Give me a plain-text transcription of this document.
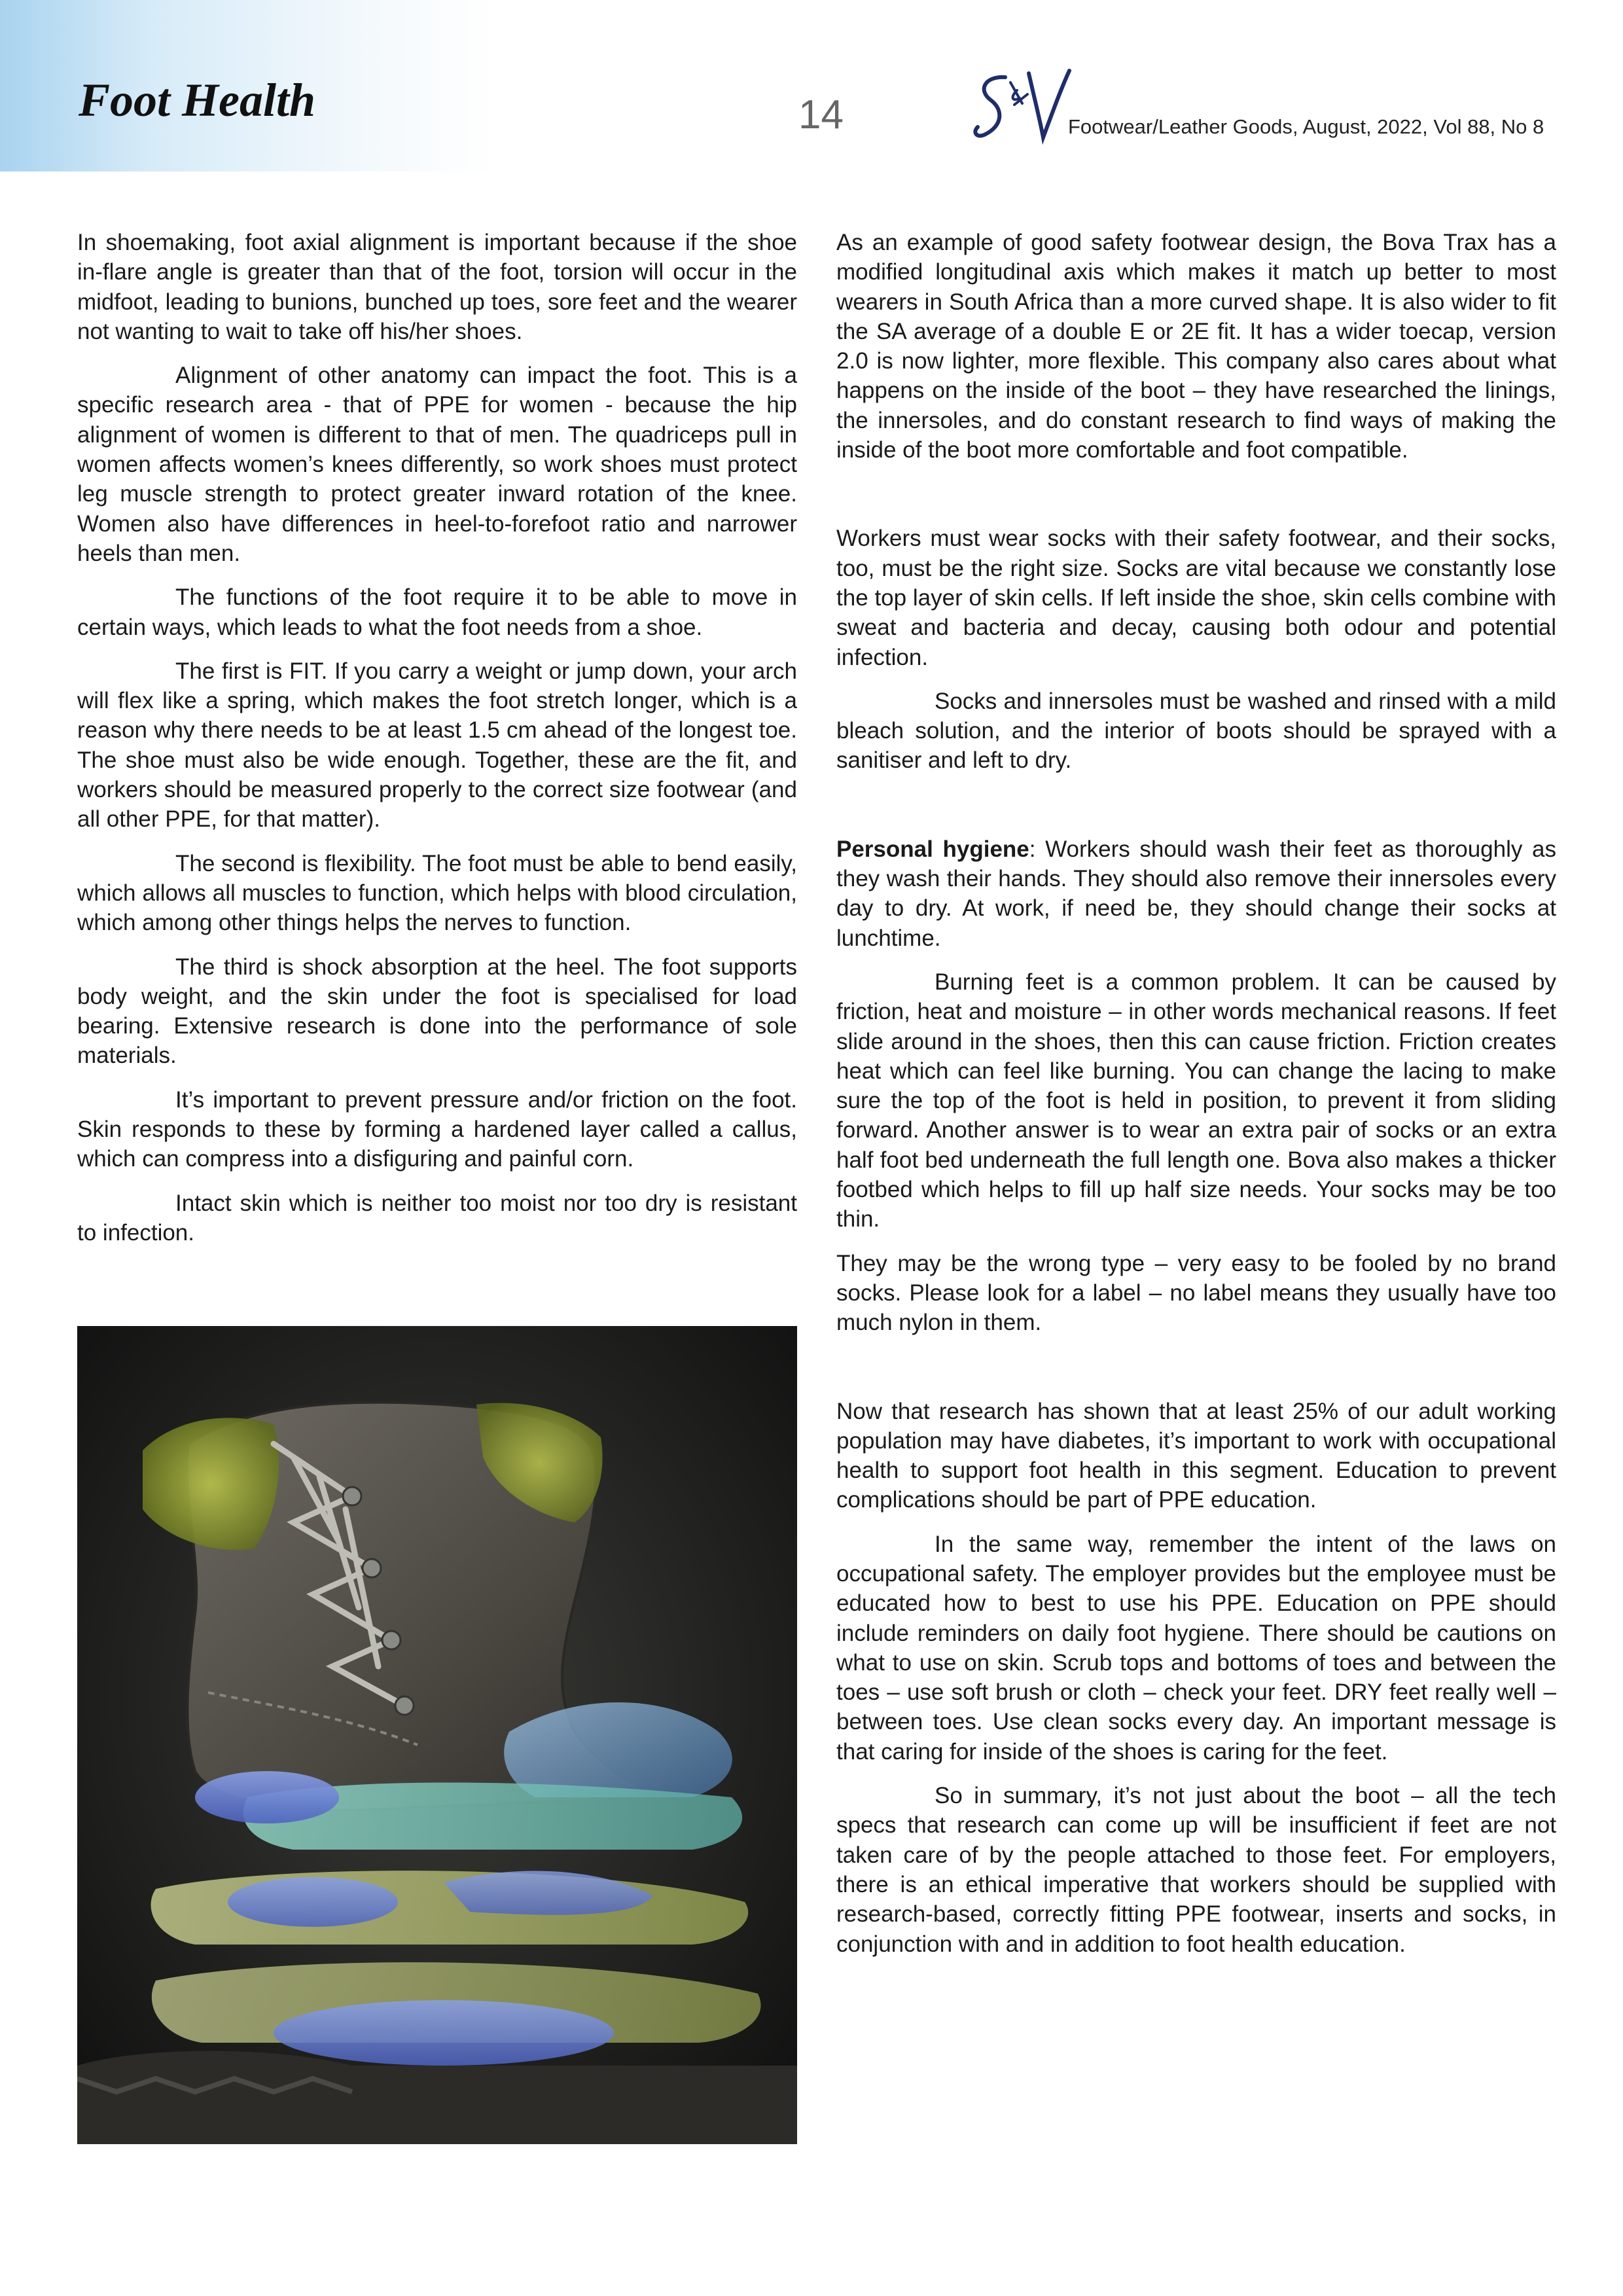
Foot Health	14	Footwear/Leather Goods, August, 2022, Vol 88, No 8

In shoemaking, foot axial alignment is important because if the shoe in-flare angle is greater than that of the foot, torsion will occur in the midfoot, leading to bunions, bunched up toes, sore feet and the wearer not wanting to wait to take off his/her shoes.

Alignment of other anatomy can impact the foot. This is a specific research area - that of PPE for women - because the hip alignment of women is different to that of men. The quadriceps pull in women affects women’s knees differently, so work shoes must protect leg muscle strength to protect greater inward rotation of the knee. Women also have differences in heel-to-forefoot ratio and narrower heels than men.

The functions of the foot require it to be able to move in certain ways, which leads to what the foot needs from a shoe.

The first is FIT. If you carry a weight or jump down, your arch will flex like a spring, which makes the foot stretch longer, which is a reason why there needs to be at least 1.5 cm ahead of the longest toe. The shoe must also be wide enough. Together, these are the fit, and workers should be measured properly to the correct size footwear (and all other PPE, for that matter).

The second is flexibility. The foot must be able to bend easily, which allows all muscles to function, which helps with blood circulation, which among other things helps the nerves to function.

The third is shock absorption at the heel. The foot supports body weight, and the skin under the foot is specialised for load bearing. Extensive research is done into the performance of sole materials.

It’s important to prevent pressure and/or friction on the foot. Skin responds to these by forming a hardened layer called a callus, which can compress into a disfiguring and painful corn.

Intact skin which is neither too moist nor too dry is resistant to infection.

As an example of good safety footwear design, the Bova Trax has a modified longitudinal axis which makes it match up better to most wearers in South Africa than a more curved shape. It is also wider to fit the SA average of a double E or 2E fit. It has a wider toecap, version 2.0 is now lighter, more flexible. This company also cares about what happens on the inside of the boot – they have researched the linings, the innersoles, and do constant research to find ways of making the inside of the boot more comfortable and foot compatible.

Workers must wear socks with their safety footwear, and their socks, too, must be the right size. Socks are vital because we constantly lose the top layer of skin cells. If left inside the shoe, skin cells combine with sweat and bacteria and decay, causing both odour and potential infection.

Socks and innersoles must be washed and rinsed with a mild bleach solution, and the interior of boots should be sprayed with a sanitiser and left to dry.

Personal hygiene: Workers should wash their feet as thoroughly as they wash their hands. They should also remove their innersoles every day to dry. At work, if need be, they should change their socks at lunchtime.

Burning feet is a common problem. It can be caused by friction, heat and moisture – in other words mechanical reasons. If feet slide around in the shoes, then this can cause friction. Friction creates heat which can feel like burning. You can change the lacing to make sure the top of the foot is held in position, to prevent it from sliding forward. Another answer is to wear an extra pair of socks or an extra half foot bed underneath the full length one. Bova also makes a thicker footbed which helps to fill up half size needs. Your socks may be too thin.

They may be the wrong type – very easy to be fooled by no brand socks. Please look for a label – no label means they usually have too much nylon in them.

Now that research has shown that at least 25% of our adult working population may have diabetes, it’s important to work with occupational health to support foot health in this segment. Education to prevent complications should be part of PPE education.

In the same way, remember the intent of the laws on occupational safety. The employer provides but the employee must be educated how to best to use his PPE. Education on PPE should include reminders on daily foot hygiene. There should be cautions on what to use on skin. Scrub tops and bottoms of toes and between the toes – use soft brush or cloth – check your feet. DRY feet really well – between toes. Use clean socks every day. An important message is that caring for inside of the shoes is caring for the feet.

So in summary, it’s not just about the boot – all the tech specs that research can come up will be insufficient if feet are not taken care of by the people attached to those feet. For employers, there is an ethical imperative that workers should be supplied with research-based, correctly fitting PPE footwear, inserts and socks, in conjunction with and in addition to foot health education.
